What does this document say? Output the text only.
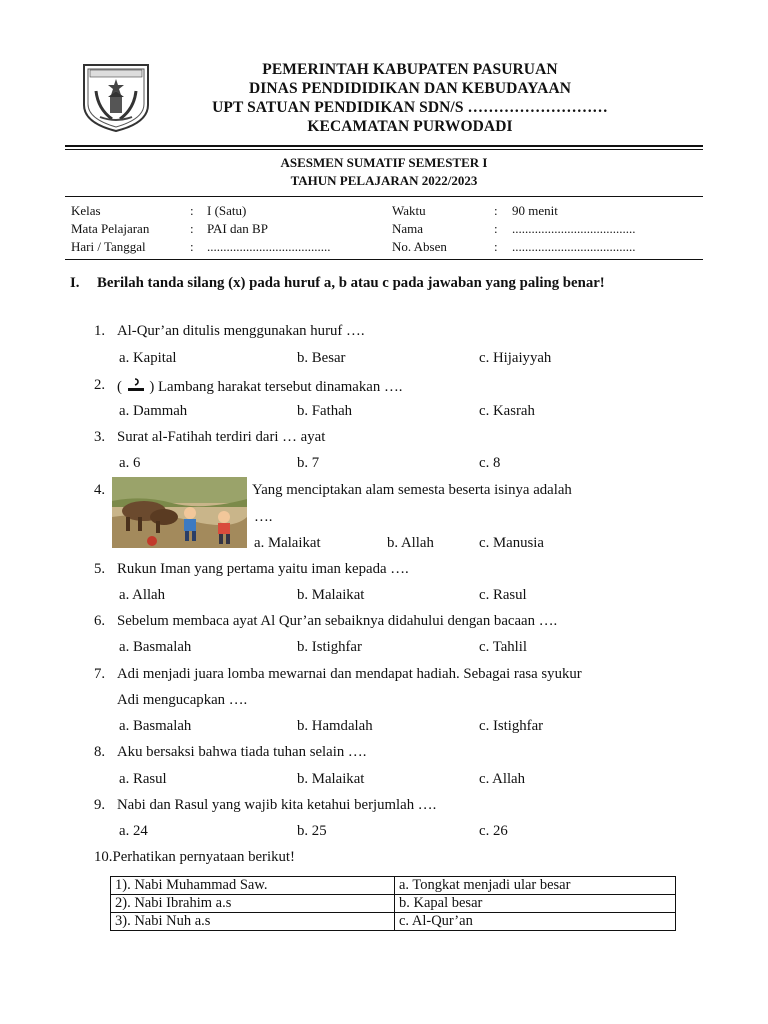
PEMERINTAH KABUPATEN PASURUAN
DINAS PENDIDIDIKAN DAN KEBUDAYAAN
UPT SATUAN PENDIDIKAN SDN/S ………………………
KECAMATAN PURWODADI
ASESMEN SUMATIF SEMESTER I
TAHUN PELAJARAN 2022/2023
Kelas	: I (Satu)	Waktu	: 90 menit
Mata Pelajaran	: PAI dan BP	Nama	: ......................................
Hari / Tanggal	: ......................................	No. Absen	: ......................................
I. Berilah tanda silang (x) pada huruf a, b atau c pada jawaban yang paling benar!
1. Al-Qur’an ditulis menggunakan huruf ….
a. Kapital	b. Besar	c. Hijaiyyah
2. ( ) Lambang harakat tersebut dinamakan ….
a. Dammah	b. Fathah	c. Kasrah
3. Surat al-Fatihah terdiri dari … ayat
a. 6	b. 7	c. 8
4.	Yang menciptakan alam semesta beserta isinya adalah
….
a. Malaikat	b. Allah	c. Manusia
5. Rukun Iman yang pertama yaitu iman kepada ….
a. Allah	b. Malaikat	c. Rasul
6. Sebelum membaca ayat Al Qur’an sebaiknya didahului dengan bacaan ….
a. Basmalah	b. Istighfar	c. Tahlil
7. Adi menjadi juara lomba mewarnai dan mendapat hadiah. Sebagai rasa syukur
Adi mengucapkan ….
a. Basmalah	b. Hamdalah	c. Istighfar
8. Aku bersaksi bahwa tiada tuhan selain ….
a. Rasul	b. Malaikat	c. Allah
9. Nabi dan Rasul yang wajib kita ketahui berjumlah ….
a. 24	b. 25	c. 26
10.Perhatikan pernyataan berikut!
1). Nabi Muhammad Saw.	a. Tongkat menjadi ular besar
2). Nabi Ibrahim a.s	b. Kapal besar
3). Nabi Nuh a.s	c. Al-Qur’an
